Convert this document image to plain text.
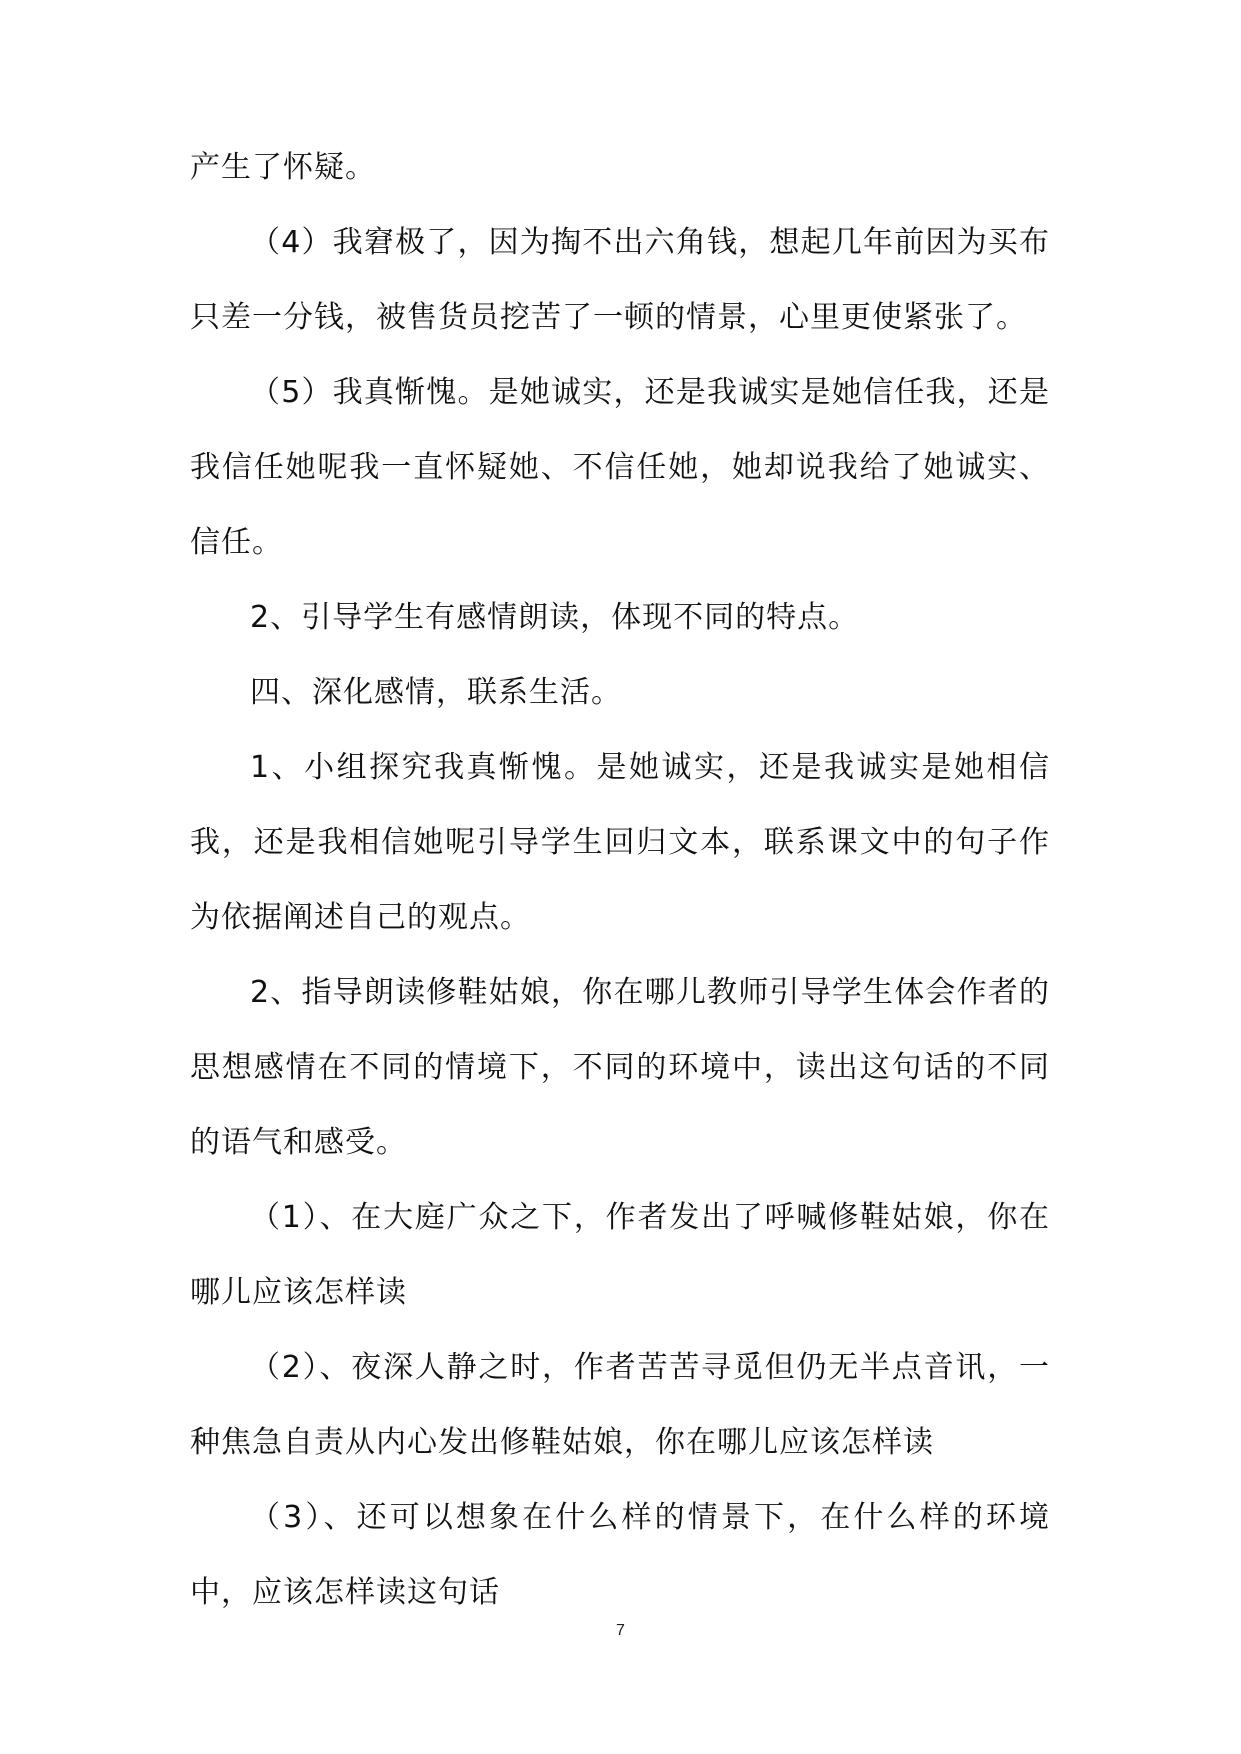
产生了怀疑。

（4）我窘极了，因为掏不出六角钱，想起几年前因为买布只差一分钱，被售货员挖苦了一顿的情景，心里更使紧张了。

（5）我真惭愧。是她诚实，还是我诚实是她信任我，还是我信任她呢我一直怀疑她、不信任她，她却说我给了她诚实、信任。

2、引导学生有感情朗读，体现不同的特点。

四、深化感情，联系生活。

1、小组探究我真惭愧。是她诚实，还是我诚实是她相信我，还是我相信她呢引导学生回归文本，联系课文中的句子作为依据阐述自己的观点。

2、指导朗读修鞋姑娘，你在哪儿教师引导学生体会作者的思想感情在不同的情境下，不同的环境中，读出这句话的不同的语气和感受。

（1）、在大庭广众之下，作者发出了呼喊修鞋姑娘，你在哪儿应该怎样读

（2）、夜深人静之时，作者苦苦寻觅但仍无半点音讯，一种焦急自责从内心发出修鞋姑娘，你在哪儿应该怎样读

（3）、还可以想象在什么样的情景下，在什么样的环境中，应该怎样读这句话

7
